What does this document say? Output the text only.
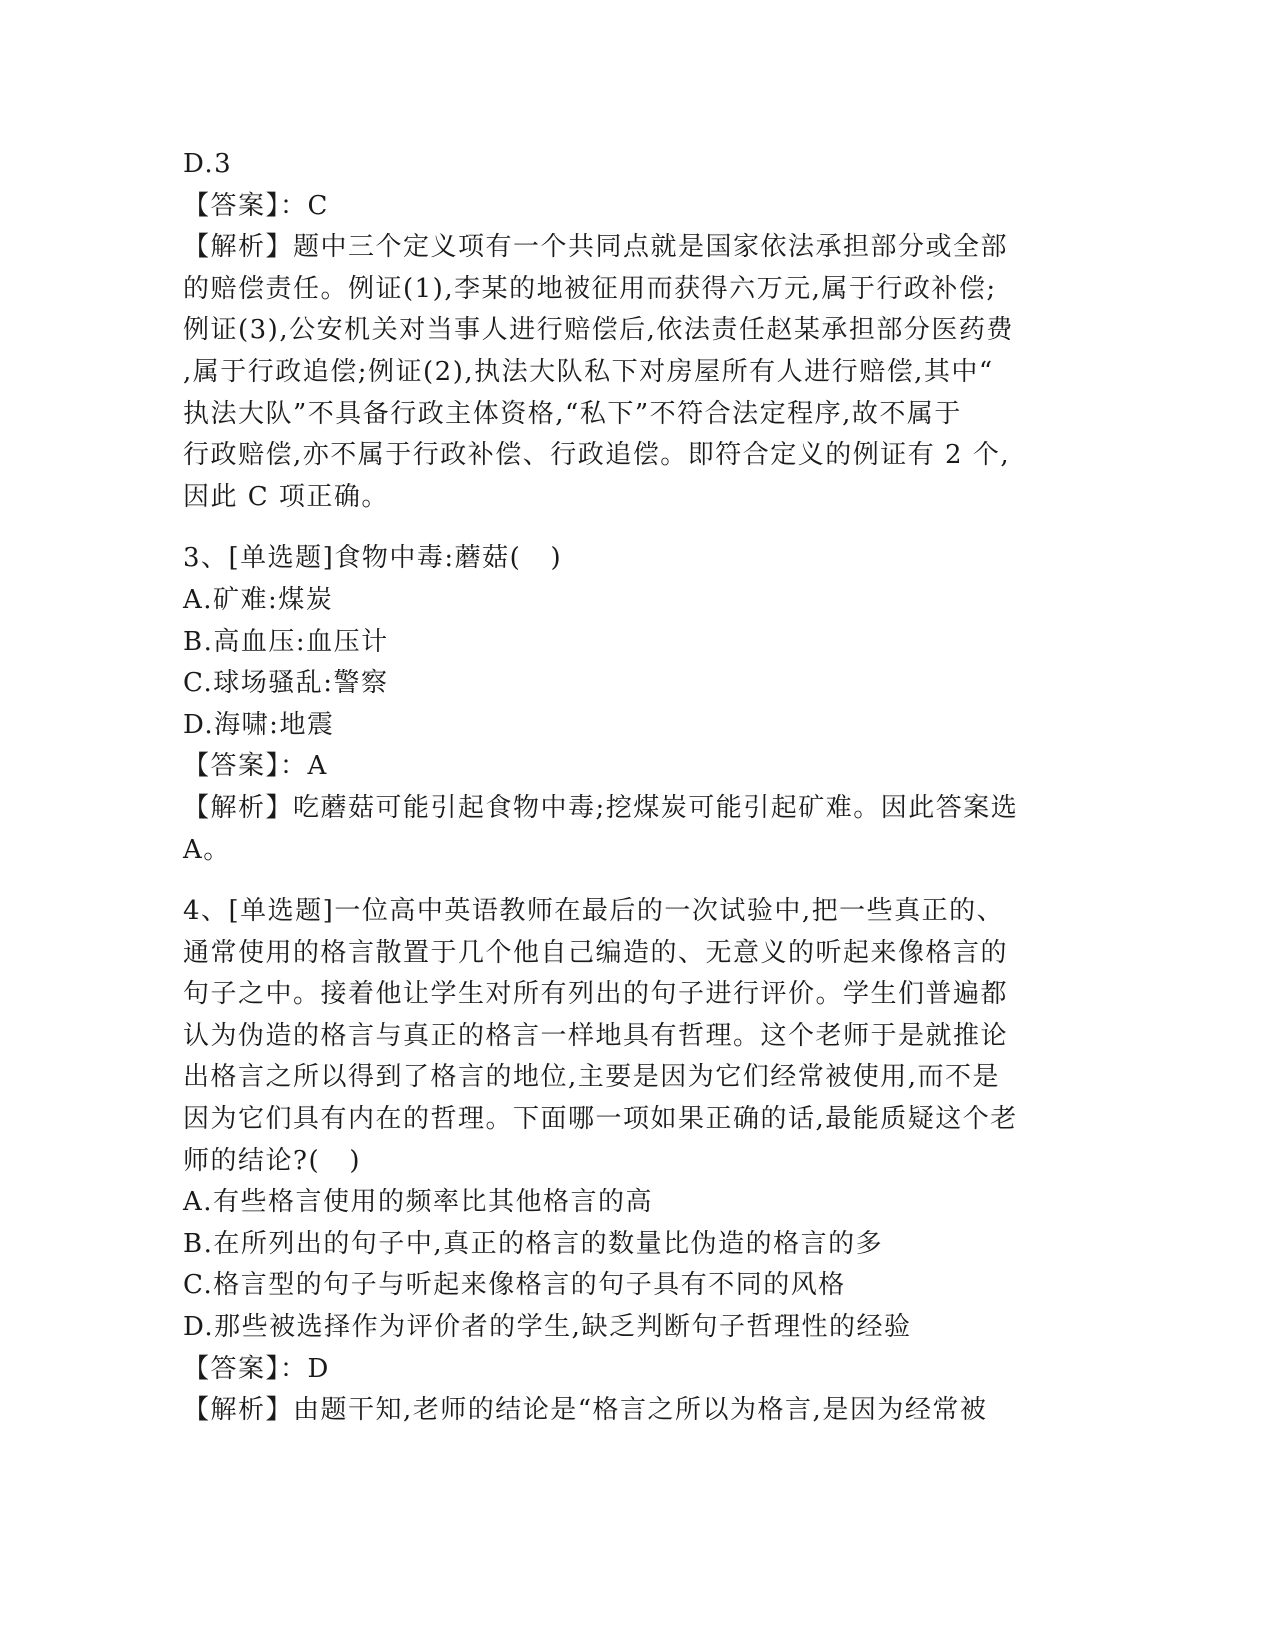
D.3
【答案】：C
【解析】题中三个定义项有一个共同点就是国家依法承担部分或全部
的赔偿责任。例证(1),李某的地被征用而获得六万元,属于行政补偿;
例证(3),公安机关对当事人进行赔偿后,依法责任赵某承担部分医药费
,属于行政追偿;例证(2),执法大队私下对房屋所有人进行赔偿,其中“
执法大队”不具备行政主体资格,“私下”不符合法定程序,故不属于
行政赔偿,亦不属于行政补偿、行政追偿。即符合定义的例证有 2 个,
因此 C 项正确。
3、[单选题]食物中毒:蘑菇(   )
A.矿难:煤炭
B.高血压:血压计
C.球场骚乱:警察
D.海啸:地震
【答案】：A
【解析】吃蘑菇可能引起食物中毒;挖煤炭可能引起矿难。因此答案选
A。
4、[单选题]一位高中英语教师在最后的一次试验中,把一些真正的、
通常使用的格言散置于几个他自己编造的、无意义的听起来像格言的
句子之中。接着他让学生对所有列出的句子进行评价。学生们普遍都
认为伪造的格言与真正的格言一样地具有哲理。这个老师于是就推论
出格言之所以得到了格言的地位,主要是因为它们经常被使用,而不是
因为它们具有内在的哲理。下面哪一项如果正确的话,最能质疑这个老
师的结论?(   )
A.有些格言使用的频率比其他格言的高
B.在所列出的句子中,真正的格言的数量比伪造的格言的多
C.格言型的句子与听起来像格言的句子具有不同的风格
D.那些被选择作为评价者的学生,缺乏判断句子哲理性的经验
【答案】：D
【解析】由题干知,老师的结论是“格言之所以为格言,是因为经常被
